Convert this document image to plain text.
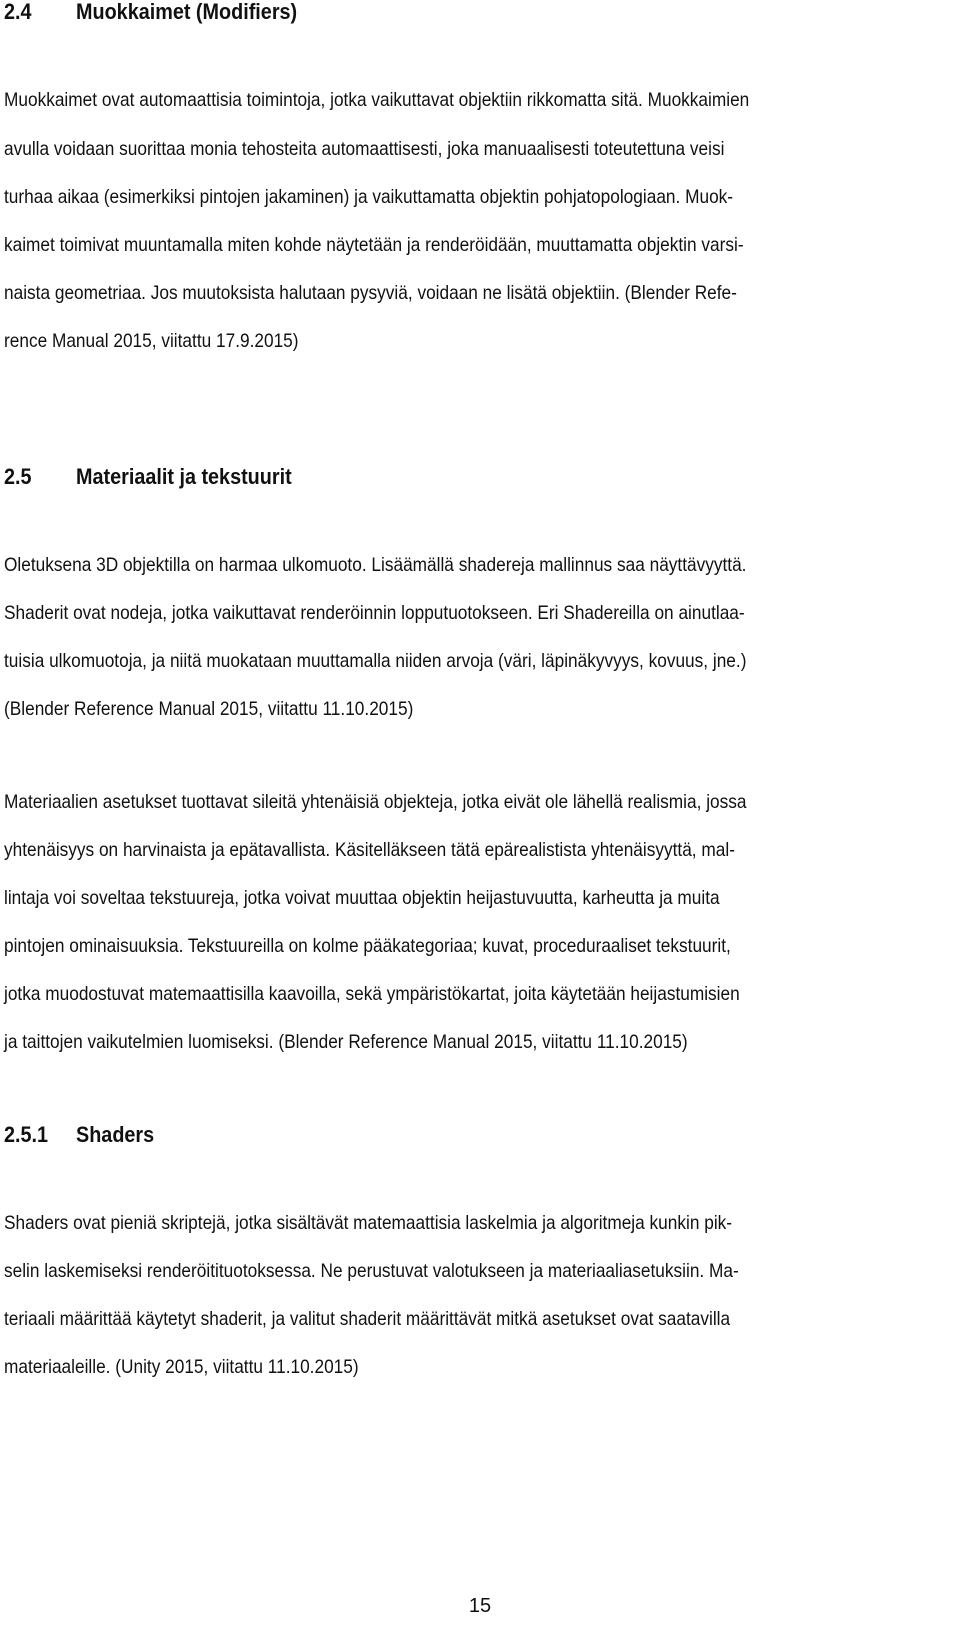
2.4 Muokkaimet (Modifiers)
Muokkaimet ovat automaattisia toimintoja, jotka vaikuttavat objektiin rikkomatta sitä. Muokkaimien
avulla voidaan suorittaa monia tehosteita automaattisesti, joka manuaalisesti toteutettuna veisi
turhaa aikaa (esimerkiksi pintojen jakaminen) ja vaikuttamatta objektin pohjatopologiaan. Muok-
kaimet toimivat muuntamalla miten kohde näytetään ja renderöidään, muuttamatta objektin varsi-
naista geometriaa. Jos muutoksista halutaan pysyviä, voidaan ne lisätä objektiin. (Blender Refe-
rence Manual 2015, viitattu 17.9.2015)
2.5 Materiaalit ja tekstuurit
Oletuksena 3D objektilla on harmaa ulkomuoto. Lisäämällä shadereja mallinnus saa näyttävyyttä.
Shaderit ovat nodeja, jotka vaikuttavat renderöinnin lopputuotokseen. Eri Shadereilla on ainutlaa-
tuisia ulkomuotoja, ja niitä muokataan muuttamalla niiden arvoja (väri, läpinäkyvyys, kovuus, jne.)
(Blender Reference Manual 2015, viitattu 11.10.2015)
Materiaalien asetukset tuottavat sileitä yhtenäisiä objekteja, jotka eivät ole lähellä realismia, jossa
yhtenäisyys on harvinaista ja epätavallista. Käsitelläkseen tätä epärealistista yhtenäisyyttä, mal-
lintaja voi soveltaa tekstuureja, jotka voivat muuttaa objektin heijastuvuutta, karheutta ja muita
pintojen ominaisuuksia. Tekstuureilla on kolme pääkategoriaa; kuvat, proceduraaliset tekstuurit,
jotka muodostuvat matemaattisilla kaavoilla, sekä ympäristökartat, joita käytetään heijastumisien
ja taittojen vaikutelmien luomiseksi. (Blender Reference Manual 2015, viitattu 11.10.2015)
2.5.1 Shaders
Shaders ovat pieniä skriptejä, jotka sisältävät matemaattisia laskelmia ja algoritmeja kunkin pik-
selin laskemiseksi renderöitituotoksessa. Ne perustuvat valotukseen ja materiaaliasetuksiin. Ma-
teriaali määrittää käytetyt shaderit, ja valitut shaderit määrittävät mitkä asetukset ovat saatavilla
materiaaleille. (Unity 2015, viitattu 11.10.2015)
15
